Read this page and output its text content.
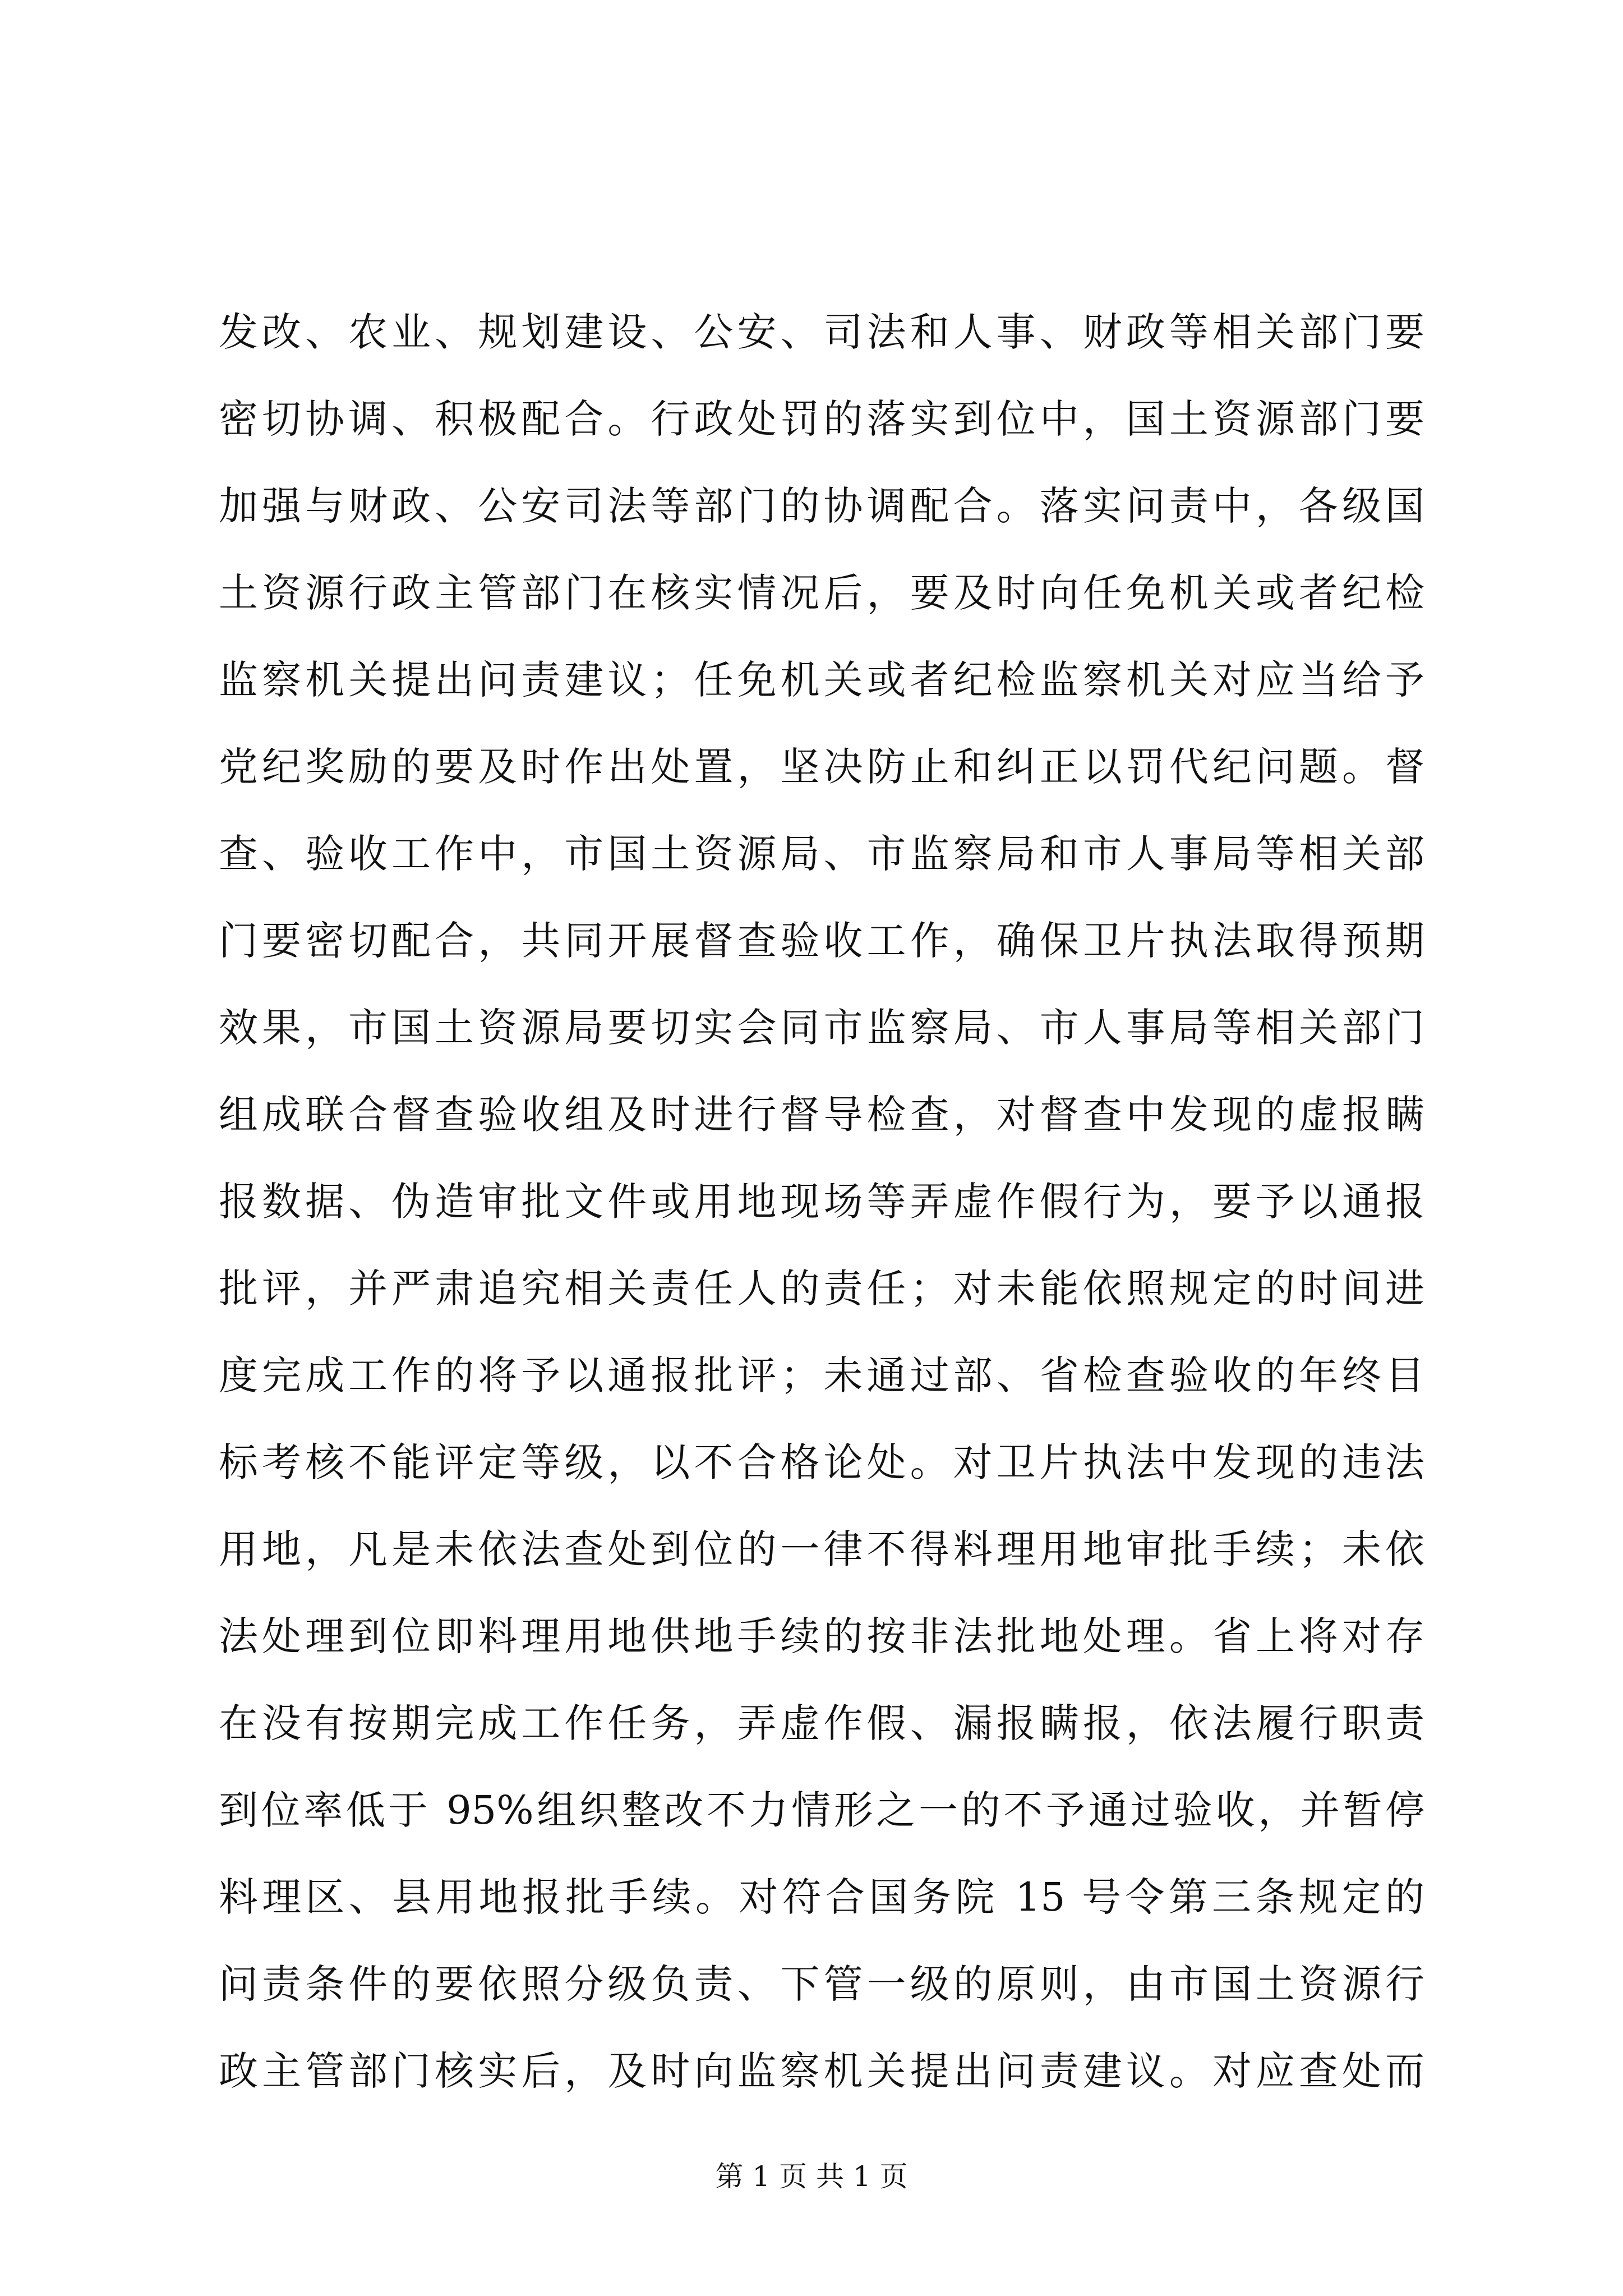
发改、农业、规划建设、公安、司法和人事、财政等相关部门要
密切协调、积极配合。行政处罚的落实到位中，国土资源部门要
加强与财政、公安司法等部门的协调配合。落实问责中，各级国
土资源行政主管部门在核实情况后，要及时向任免机关或者纪检
监察机关提出问责建议；任免机关或者纪检监察机关对应当给予
党纪奖励的要及时作出处置，坚决防止和纠正以罚代纪问题。督
查、验收工作中，市国土资源局、市监察局和市人事局等相关部
门要密切配合，共同开展督查验收工作，确保卫片执法取得预期
效果，市国土资源局要切实会同市监察局、市人事局等相关部门
组成联合督查验收组及时进行督导检查，对督查中发现的虚报瞒
报数据、伪造审批文件或用地现场等弄虚作假行为，要予以通报
批评，并严肃追究相关责任人的责任；对未能依照规定的时间进
度完成工作的将予以通报批评；未通过部、省检查验收的年终目
标考核不能评定等级，以不合格论处。对卫片执法中发现的违法
用地，凡是未依法查处到位的一律不得料理用地审批手续；未依
法处理到位即料理用地供地手续的按非法批地处理。省上将对存
在没有按期完成工作任务，弄虚作假、漏报瞒报，依法履行职责
到位率低于 95%组织整改不力情形之一的不予通过验收，并暂停
料理区、县用地报批手续。对符合国务院 15 号令第三条规定的
问责条件的要依照分级负责、下管一级的原则，由市国土资源行
政主管部门核实后，及时向监察机关提出问责建议。对应查处而
第 1 页 共 1 页
